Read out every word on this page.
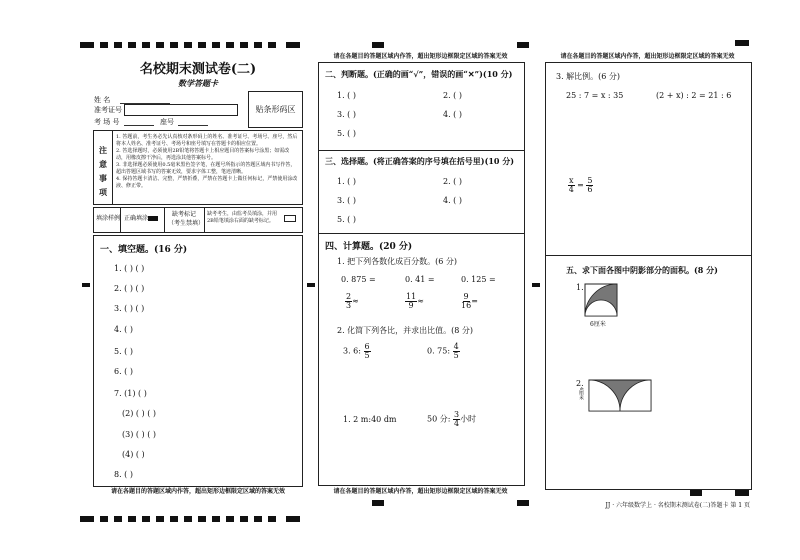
名校期末测试卷(二)
数学答题卡
姓 名
准考证号
考 场 号	座号
贴条形码区
注
意
事
项
1. 答题前，考生务必先认真核对条形码上的姓名、准考证号、考场号、座号，然后将本人姓名、准考证号、考场号和座号填写在答题卡的相应位置。
2. 答选择题时，必须使用2B铅笔将答题卡上相应题目的答案标号涂黑；如需改动，用橡皮擦干净后，再选涂其他答案标号。
3. 非选择题必须使用0.5毫米黑色签字笔，在题号所指示的答题区域内书写作答，超出答题区域书写的答案无效，要求字体工整，笔迹清晰。
4. 保持答题卡清洁、完整，严禁折叠，严禁在答题卡上做任何标记，严禁使用涂改液、修正带。
填涂样例 正确填涂
缺考标记
（考生禁填）
缺考考生，由监考员填涂，并用2B铅笔填涂右面的缺考标记。
一、填空题。(16 分)
1. ( ) ( )
2. ( ) ( )
3. ( ) ( )
4. ( )
5. ( )
6. ( )
7. (1) ( )
(2) ( ) ( )
(3) ( ) ( )
(4) ( )
8. ( )
请在各题目的答题区域内作答，超出矩形边框限定区域的答案无效
请在各题目的答题区域内作答，超出矩形边框限定区域的答案无效
二、判断题。(正确的画“√”，错误的画“✕”)(10 分)
1. ( )	2. ( )
3. ( )	4. ( )
5. ( )
三、选择题。(将正确答案的序号填在括号里)(10 分)
1. ( )	2. ( )
3. ( )	4. ( )
5. ( )
四、计算题。(20 分)
1. 把下列各数化成百分数。(6 分)
0. 875 =	0. 41 =	0. 125 =
$\frac{2}{3}$ ≈	$\frac{11}{9}$ ≈	$\frac{9}{16}$ =
2. 化简下列各比，并求出比值。(8 分)
3. 6: $\frac{6}{5}$	0. 75: $\frac{4}{5}$
1. 2 m:40 dm	50 分: $\frac{3}{4}$ 小时
请在各题目的答题区域内作答，超出矩形边框限定区域的答案无效
请在各题目的答题区域内作答，超出矩形边框限定区域的答案无效
3. 解比例。(6 分)
25 : 7 = x : 35	(2 + x) : 2 = 21 : 6
$\frac{x}{4} = \frac{5}{6}$
五、求下面各图中阴影部分的面积。(8 分)
1.
6厘米
2.
4厘米
JJ · 六年级数学上 · 名校期末测试卷(二)答题卡 第 1 页
